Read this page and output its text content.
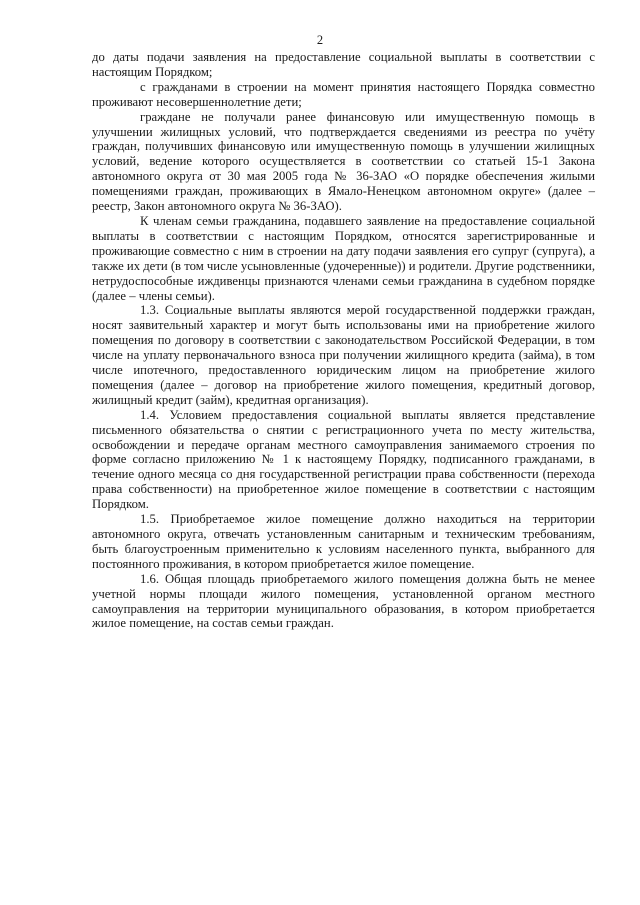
2

до даты подачи заявления на предоставление социальной выплаты в соответствии с настоящим Порядком;

с гражданами в строении на момент принятия настоящего Порядка совместно проживают несовершеннолетние дети;

граждане не получали ранее финансовую или имущественную помощь в улучшении жилищных условий, что подтверждается сведениями из реестра по учёту граждан, получивших финансовую или имущественную помощь в улучшении жилищных условий, ведение которого осуществляется в соответствии со статьей 15-1 Закона автономного округа от 30 мая 2005 года № 36-ЗАО «О порядке обеспечения жилыми помещениями граждан, проживающих в Ямало-Ненецком автономном округе» (далее – реестр, Закон автономного округа № 36-ЗАО).

К членам семьи гражданина, подавшего заявление на предоставление социальной выплаты в соответствии с настоящим Порядком, относятся зарегистрированные и проживающие совместно с ним в строении на дату подачи заявления его супруг (супруга), а также их дети (в том числе усыновленные (удочеренные)) и родители. Другие родственники, нетрудоспособные иждивенцы признаются членами семьи гражданина в судебном порядке (далее – члены семьи).

1.3. Социальные выплаты являются мерой государственной поддержки граждан, носят заявительный характер и могут быть использованы ими на приобретение жилого помещения по договору в соответствии с законодательством Российской Федерации, в том числе на уплату первоначального взноса при получении жилищного кредита (займа), в том числе ипотечного, предоставленного юридическим лицом на приобретение жилого помещения (далее – договор на приобретение жилого помещения, кредитный договор, жилищный кредит (займ), кредитная организация).

1.4. Условием предоставления социальной выплаты является представление письменного обязательства о снятии с регистрационного учета по месту жительства, освобождении и передаче органам местного самоуправления занимаемого строения по форме согласно приложению № 1 к настоящему Порядку, подписанного гражданами, в течение одного месяца со дня государственной регистрации права собственности (перехода права собственности) на приобретенное жилое помещение в соответствии с настоящим Порядком.

1.5. Приобретаемое жилое помещение должно находиться на территории автономного округа, отвечать установленным санитарным и техническим требованиям, быть благоустроенным применительно к условиям населенного пункта, выбранного для постоянного проживания, в котором приобретается жилое помещение.

1.6. Общая площадь приобретаемого жилого помещения должна быть не менее учетной нормы площади жилого помещения, установленной органом местного самоуправления на территории муниципального образования, в котором приобретается жилое помещение, на состав семьи граждан.
